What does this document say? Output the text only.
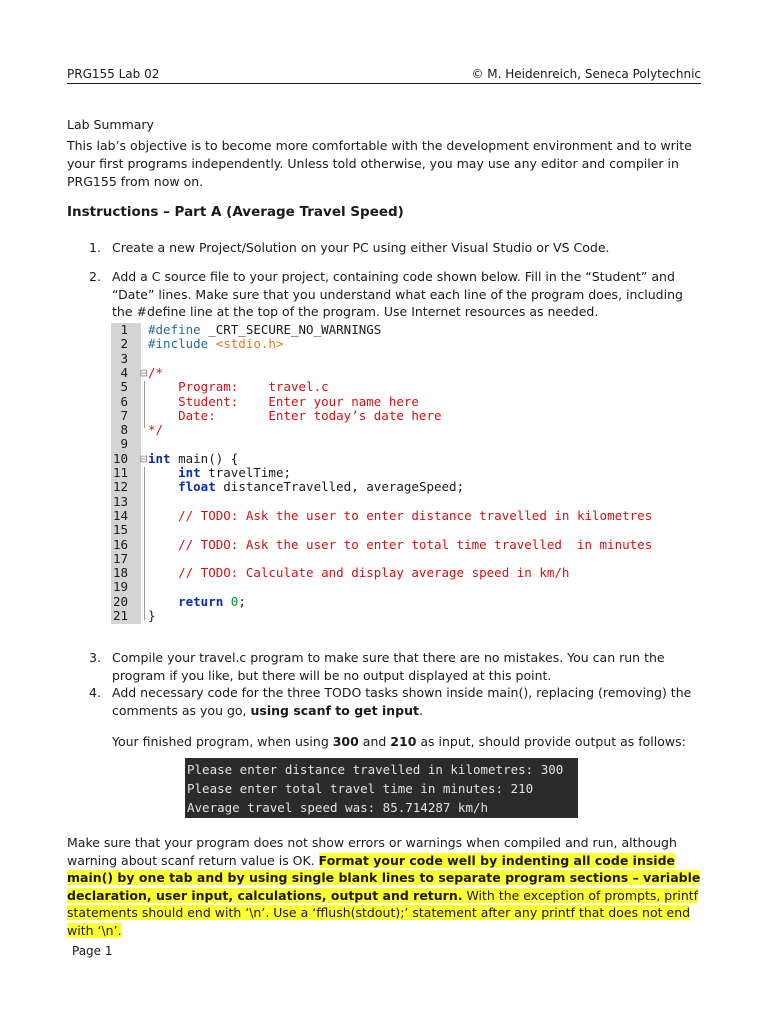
PRG155 Lab 02	© M. Heidenreich, Seneca Polytechnic
Lab Summary
This lab’s objective is to become more comfortable with the development environment and to write your first programs independently. Unless told otherwise, you may use any editor and compiler in PRG155 from now on.
Instructions – Part A (Average Travel Speed)
1. Create a new Project/Solution on your PC using either Visual Studio or VS Code.
2. Add a C source file to your project, containing code shown below. Fill in the “Student” and “Date” lines. Make sure that you understand what each line of the program does, including the #define line at the top of the program. Use Internet resources as needed.
1 #define _CRT_SECURE_NO_WARNINGS
2 #include <stdio.h>
3
4 ⊟ /*
5 Program:    travel.c
6 Student:    Enter your name here
7 Date:       Enter today’s date here
8 */
9
10 ⊟ int main() {
11	int travelTime;
12	float distanceTravelled, averageSpeed;
13
14 // TODO: Ask the user to enter distance travelled in kilometres
15
16 // TODO: Ask the user to enter total time travelled  in minutes
17
18 // TODO: Calculate and display average speed in km/h
19
20	return 0;
21 }
3. Compile your travel.c program to make sure that there are no mistakes. You can run the program if you like, but there will be no output displayed at this point.
4. Add necessary code for the three TODO tasks shown inside main(), replacing (removing) the comments as you go, using scanf to get input.
Your finished program, when using 300 and 210 as input, should provide output as follows:
Please enter distance travelled in kilometres: 300
Please enter total travel time in minutes: 210
Average travel speed was: 85.714287 km/h
Make sure that your program does not show errors or warnings when compiled and run, although warning about scanf return value is OK. Format your code well by indenting all code inside main() by one tab and by using single blank lines to separate program sections – variable declaration, user input, calculations, output and return. With the exception of prompts, printf statements should end with ‘\n’. Use a ‘fflush(stdout);’ statement after any printf that does not end with ‘\n’.
Page 1
